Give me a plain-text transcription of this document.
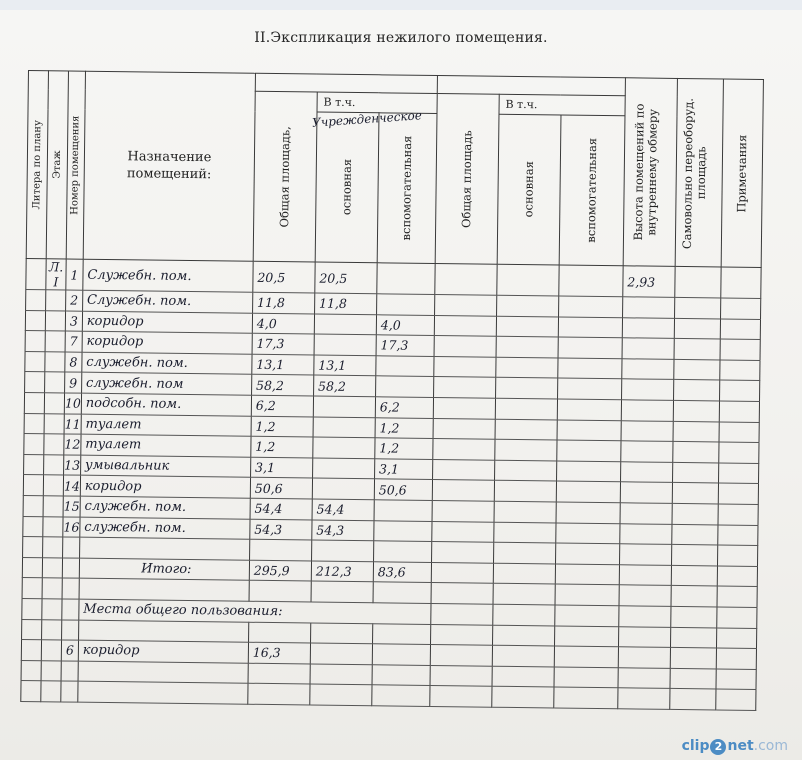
II.Экспликация нежилого помещения.
Литера по плану	Этаж	Номер помещения	Назначение помещений:							Высота помещений по внутреннему обмеру	Самовольно переоборуд. площадь	Примечания

				Общая площадь,	В т.ч.		Общая площадь	В т.ч.				

					основная	вспомогательная		основная	вспомогательная			

	Л. I	1	Служебн. пом.	20,5	20,5					2,93		
		2	Служебн. пом.	11,8	11,8							
		3	коридор	4,0		4,0						
		7	коридор	17,3		17,3						
		8	служебн. пом.	13,1	13,1							
		9	служебн. пом	58,2	58,2							
		10	подсобн. пом.	6,2		6,2						
		11	туалет	1,2		1,2						
		12	туалет	1,2		1,2						
		13	умывальник	3,1		3,1						
		14	коридор	50,6		50,6						
		15	служебн. пом.	54,4	54,4							
		16	служебн. пом.	54,3	54,3							

			Итого:	295,9	212,3	83,6						

			Места общего пользования:									

		6	коридор	16,3								

Учрежденческое
clip 2 net.com
